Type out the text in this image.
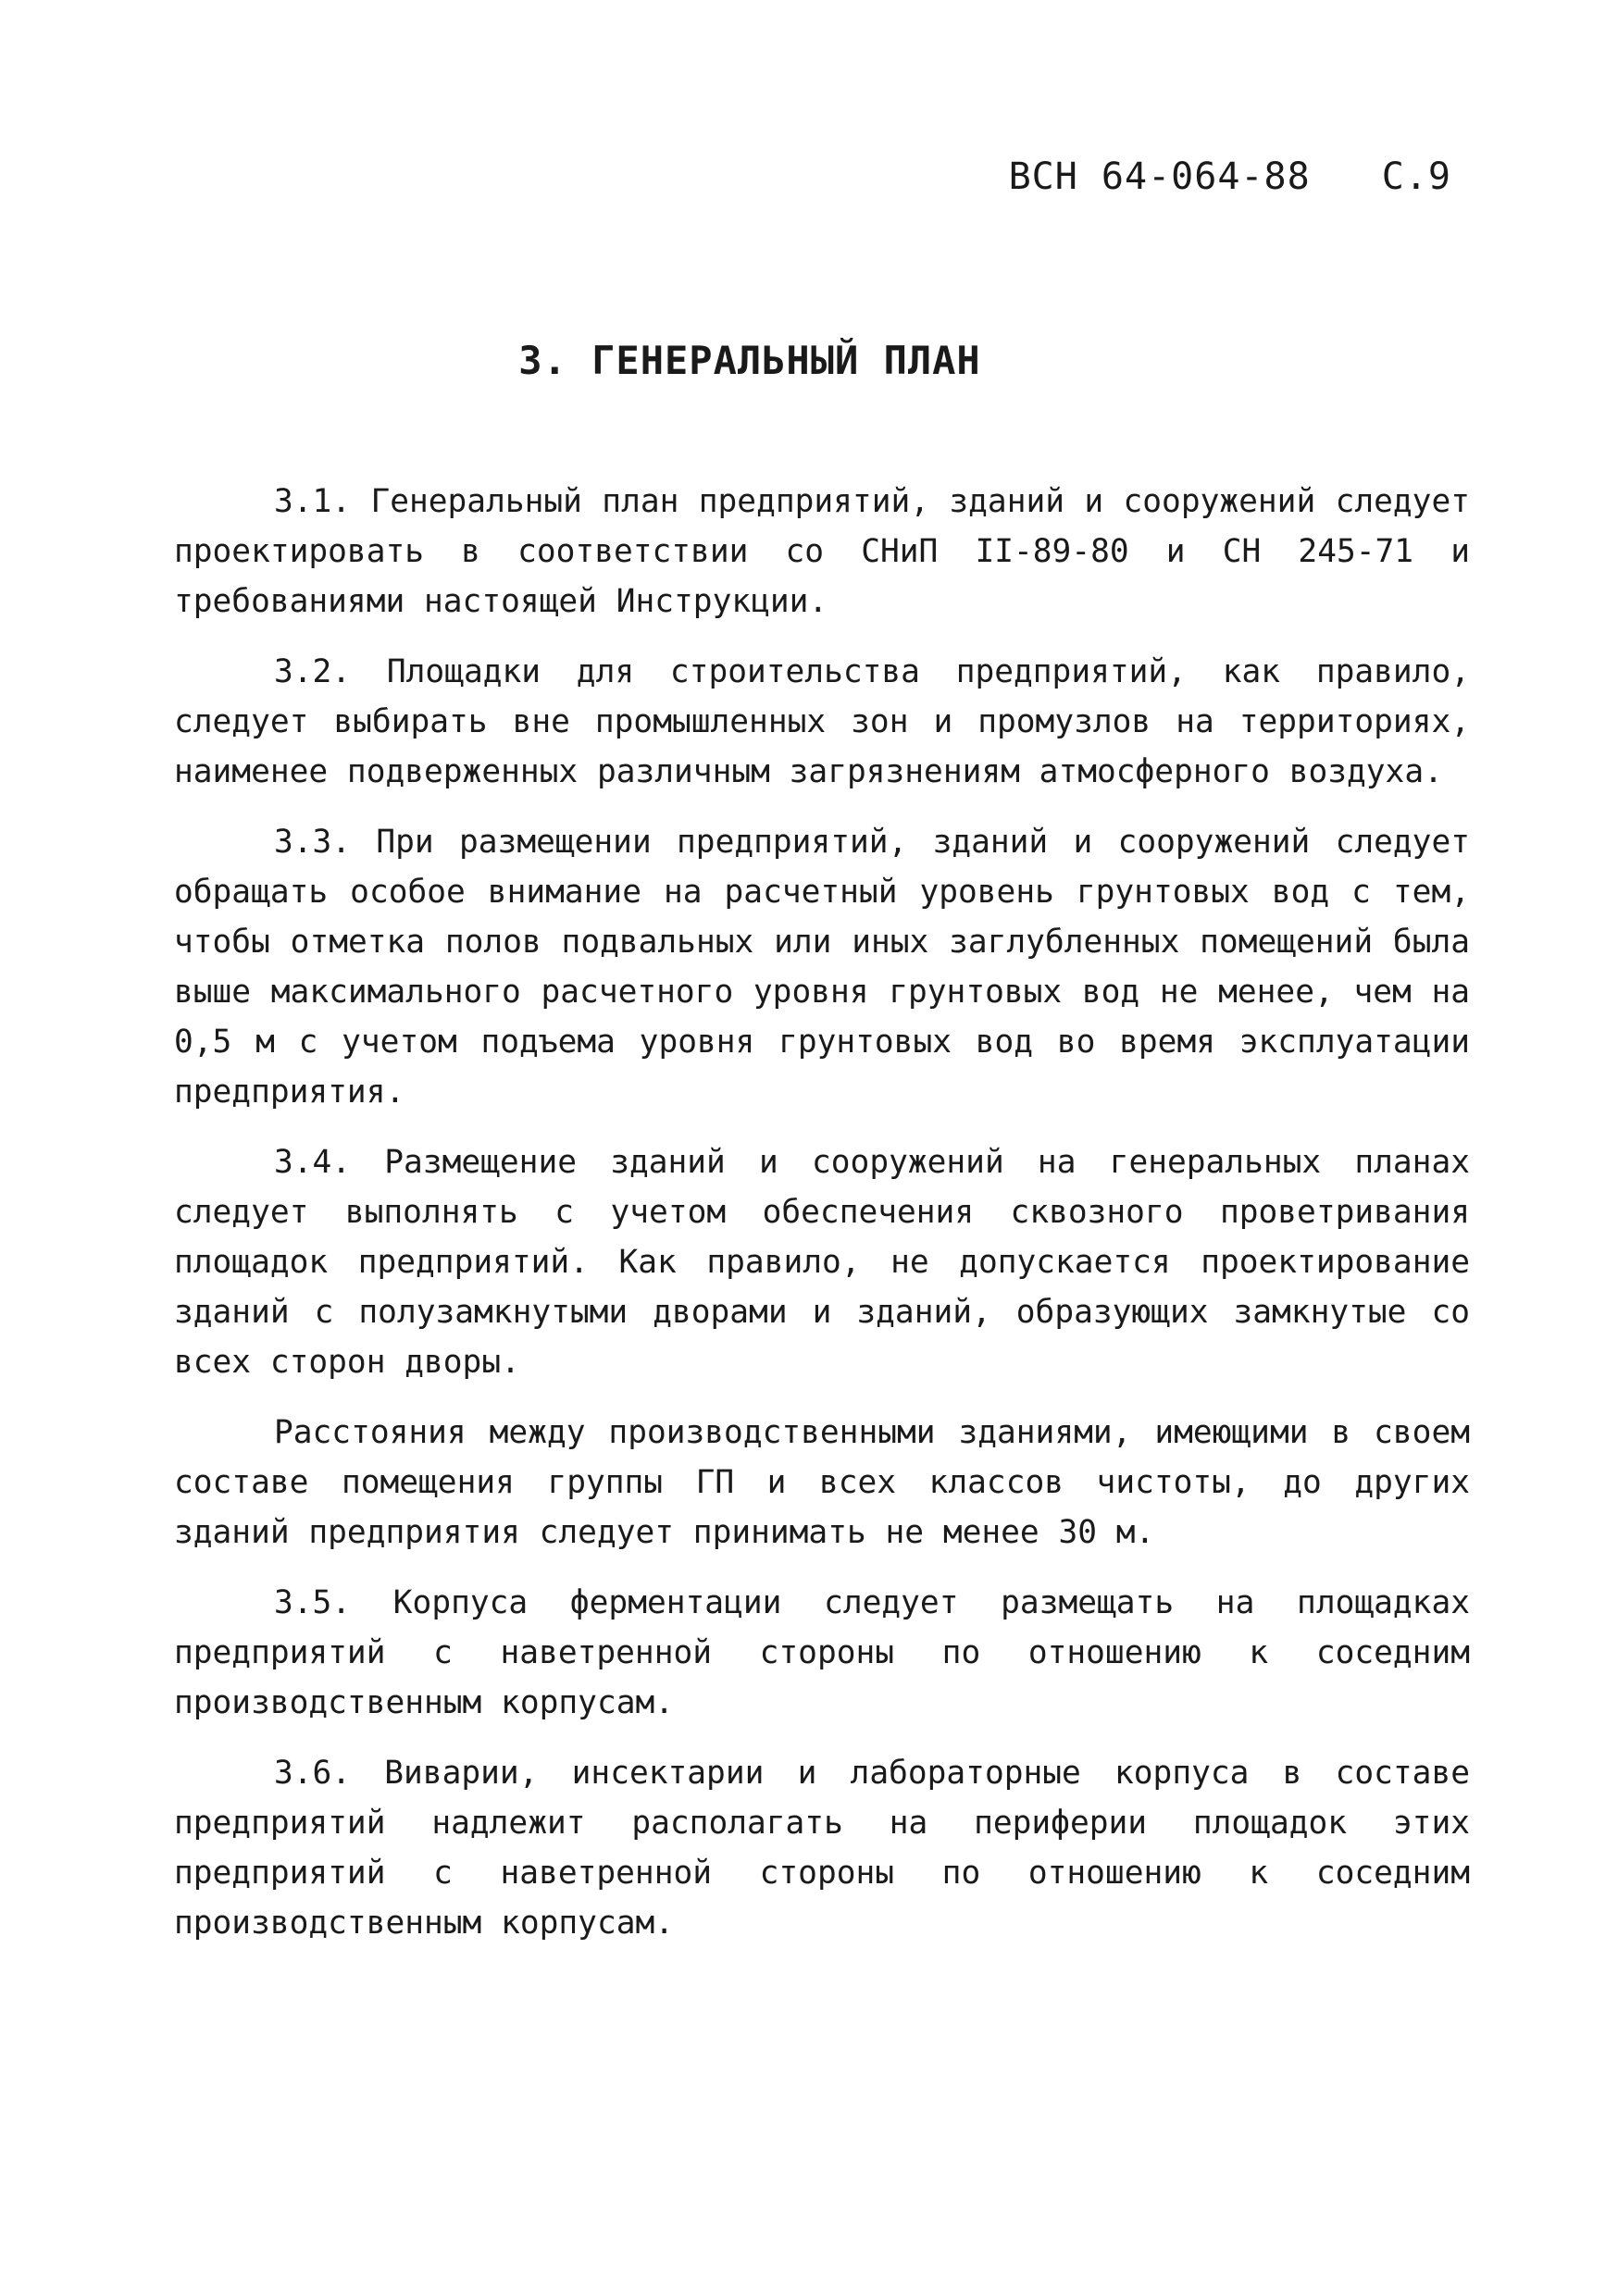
ВСН 64-064-88 С.9
3. ГЕНЕРАЛЬНЫЙ ПЛАН

3.1. Генеральный план предприятий, зданий и сооружений следует проектировать в соответствии со СНиП II-89-80 и СН 245-71 и требованиями настоящей Инструкции.

3.2. Площадки для строительства предприятий, как правило, следует выбирать вне промышленных зон и промузлов на территориях, наименее подверженных различным загрязнениям атмосферного воздуха.

3.3. При размещении предприятий, зданий и сооружений следует обращать особое внимание на расчетный уровень грунтовых вод с тем, чтобы отметка полов подвальных или иных заглубленных помещений была выше максимального расчетного уровня грунтовых вод не менее, чем на 0,5 м с учетом подъема уровня грунтовых вод во время эксплуатации предприятия.

3.4. Размещение зданий и сооружений на генеральных планах следует выполнять с учетом обеспечения сквозного проветривания площадок предприятий. Как правило, не допускается проектирование зданий с полузамкнутыми дворами и зданий, образующих замкнутые со всех сторон дворы.

Расстояния между производственными зданиями, имеющими в своем составе помещения группы ГП и всех классов чистоты, до других зданий предприятия следует принимать не менее 30 м.

3.5. Корпуса ферментации следует размещать на площадках предприятий с наветренной стороны по отношению к соседним производственным корпусам.

3.6. Виварии, инсектарии и лабораторные корпуса в составе предприятий надлежит располагать на периферии площадок этих предприятий с наветренной стороны по отношению к соседним производственным корпусам.
